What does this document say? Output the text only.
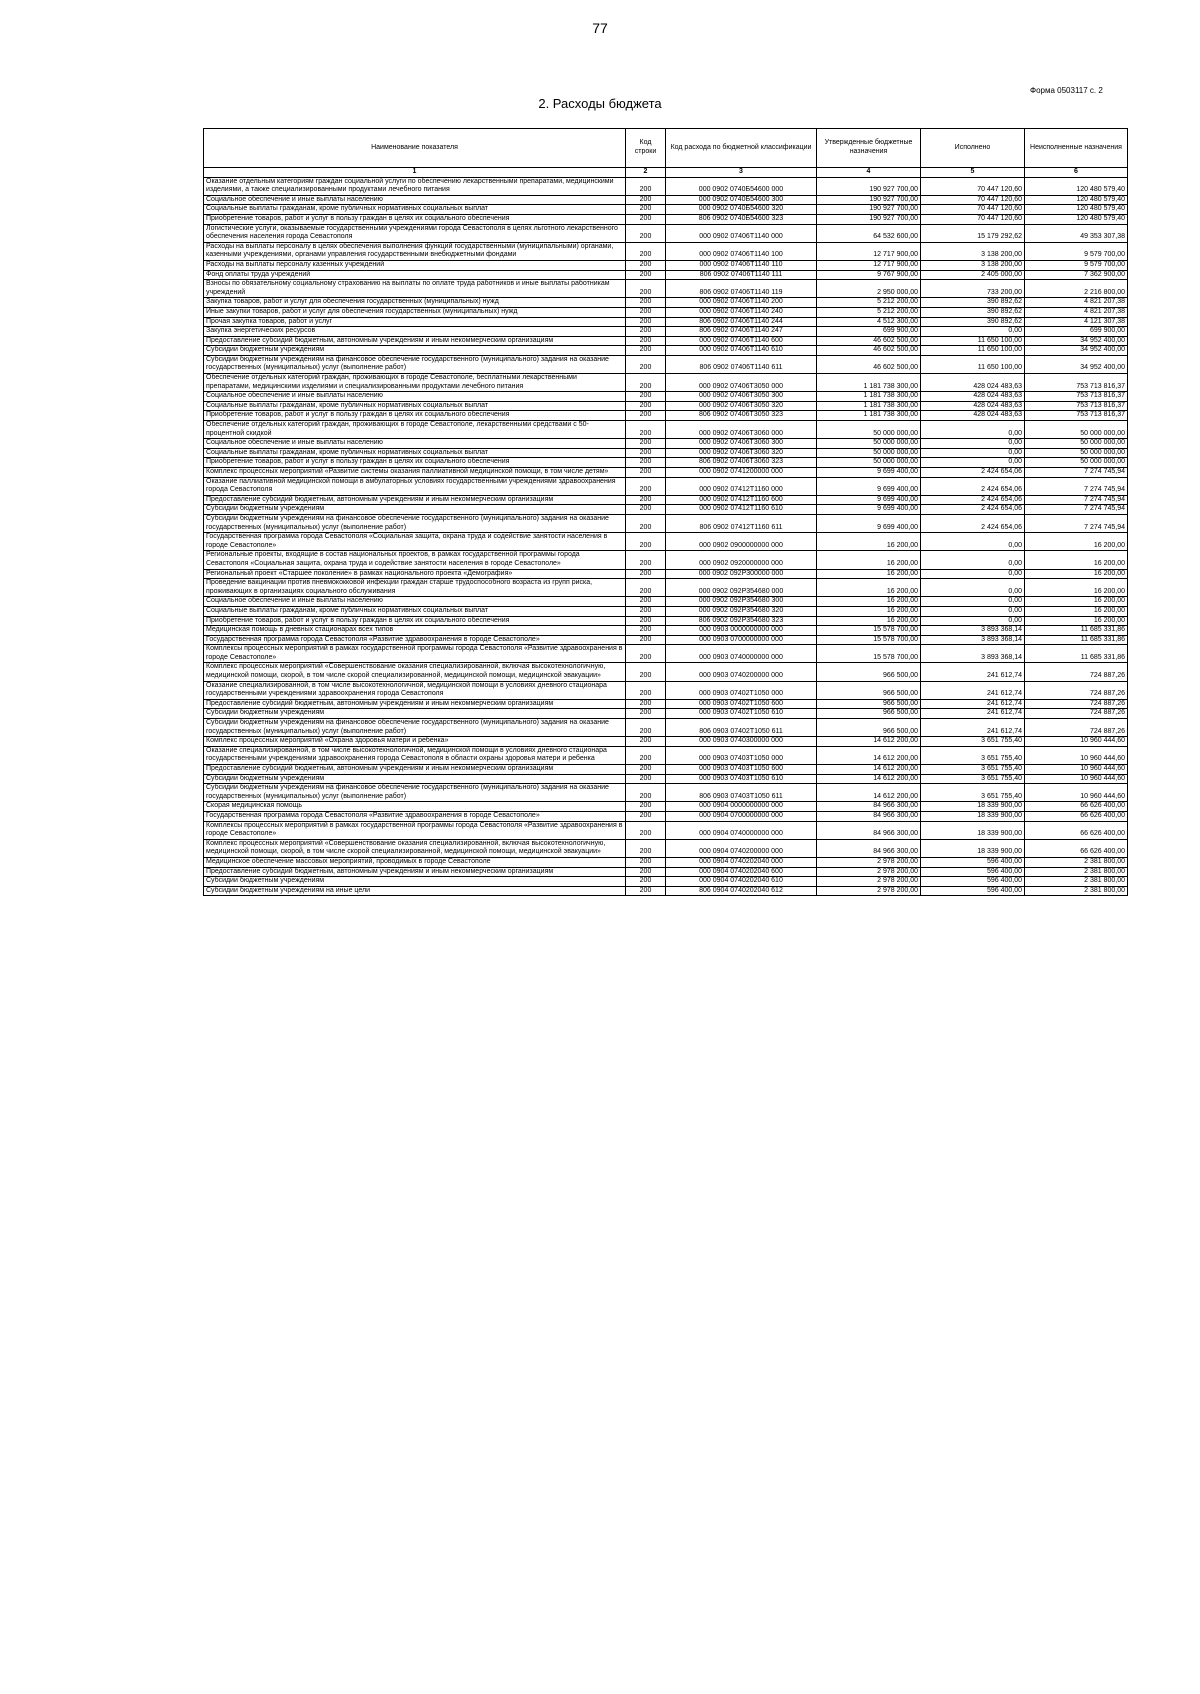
77
Форма 0503117 с. 2
2. Расходы бюджета
Наименование показателя	Код строки	Код расхода по бюджетной классификации	Утвержденные бюджетные назначения	Исполнено	Неисполненные назначения
1	2	3	4	5	6
Оказание отдельным категориям граждан социальной услуги по обеспечению лекарственными препаратами, медицинскими изделиями, а также специализированными продуктами лечебного питания	200	000 0902 0740Б54600 000	190 927 700,00	70 447 120,60	120 480 579,40
Социальное обеспечение и иные выплаты населению	200	000 0902 0740Б54600 300	190 927 700,00	70 447 120,60	120 480 579,40
Социальные выплаты гражданам, кроме публичных нормативных социальных выплат	200	000 0902 0740Б54600 320	190 927 700,00	70 447 120,60	120 480 579,40
Приобретение товаров, работ и услуг в пользу граждан в целях их социального обеспечения	200	806 0902 0740Б54600 323	190 927 700,00	70 447 120,60	120 480 579,40
Логистические услуги, оказываемые государственными учреждениями города Севастополя в целях льготного лекарственного обеспечения населения города Севастополя	200	000 0902 07406Т1140 000	64 532 600,00	15 179 292,62	49 353 307,38
Расходы на выплаты персоналу в целях обеспечения выполнения функций государственными (муниципальными) органами, казенными учреждениями, органами управления государственными внебюджетными фондами	200	000 0902 07406Т1140 100	12 717 900,00	3 138 200,00	9 579 700,00
Расходы на выплаты персоналу казенных учреждений	200	000 0902 07406Т1140 110	12 717 900,00	3 138 200,00	9 579 700,00
Фонд оплаты труда учреждений	200	806 0902 07406Т1140 111	9 767 900,00	2 405 000,00	7 362 900,00
Взносы по обязательному социальному страхованию на выплаты по оплате труда работников и иные выплаты работникам учреждений	200	806 0902 07406Т1140 119	2 950 000,00	733 200,00	2 216 800,00
Закупка товаров, работ и услуг для обеспечения государственных (муниципальных) нужд	200	000 0902 07406Т1140 200	5 212 200,00	390 892,62	4 821 207,38
Иные закупки товаров, работ и услуг для обеспечения государственных (муниципальных) нужд	200	000 0902 07406Т1140 240	5 212 200,00	390 892,62	4 821 207,38
Прочая закупка товаров, работ и услуг	200	806 0902 07406Т1140 244	4 512 300,00	390 892,62	4 121 307,38
Закупка энергетических ресурсов	200	806 0902 07406Т1140 247	699 900,00	0,00	699 900,00
Предоставление субсидий бюджетным, автономным учреждениям и иным некоммерческим организациям	200	000 0902 07406Т1140 600	46 602 500,00	11 650 100,00	34 952 400,00
Субсидии бюджетным учреждениям	200	000 0902 07406Т1140 610	46 602 500,00	11 650 100,00	34 952 400,00
Субсидии бюджетным учреждениям на финансовое обеспечение государственного (муниципального) задания на оказание государственных (муниципальных) услуг (выполнение работ)	200	806 0902 07406Т1140 611	46 602 500,00	11 650 100,00	34 952 400,00
Обеспечение отдельных категорий граждан, проживающих в городе Севастополе, бесплатными лекарственными препаратами, медицинскими изделиями и специализированными продуктами лечебного питания	200	000 0902 07406Т3050 000	1 181 738 300,00	428 024 483,63	753 713 816,37
Социальное обеспечение и иные выплаты населению	200	000 0902 07406Т3050 300	1 181 738 300,00	428 024 483,63	753 713 816,37
Социальные выплаты гражданам, кроме публичных нормативных социальных выплат	200	000 0902 07406Т3050 320	1 181 738 300,00	428 024 483,63	753 713 816,37
Приобретение товаров, работ и услуг в пользу граждан в целях их социального обеспечения	200	806 0902 07406Т3050 323	1 181 738 300,00	428 024 483,63	753 713 816,37
Обеспечение отдельных категорий граждан, проживающих в городе Севастополе, лекарственными средствами с 50-процентной скидкой	200	000 0902 07406Т3060 000	50 000 000,00	0,00	50 000 000,00
Социальное обеспечение и иные выплаты населению	200	000 0902 07406Т3060 300	50 000 000,00	0,00	50 000 000,00
Социальные выплаты гражданам, кроме публичных нормативных социальных выплат	200	000 0902 07406Т3060 320	50 000 000,00	0,00	50 000 000,00
Приобретение товаров, работ и услуг в пользу граждан в целях их социального обеспечения	200	806 0902 07406Т3060 323	50 000 000,00	0,00	50 000 000,00
Комплекс процессных мероприятий «Развитие системы оказания паллиативной медицинской помощи, в том числе детям»	200	000 0902 0741200000 000	9 699 400,00	2 424 654,06	7 274 745,94
Оказание паллиативной медицинской помощи в амбулаторных условиях государственными учреждениями здравоохранения города Севастополя	200	000 0902 07412Т1160 000	9 699 400,00	2 424 654,06	7 274 745,94
Предоставление субсидий бюджетным, автономным учреждениям и иным некоммерческим организациям	200	000 0902 07412Т1160 600	9 699 400,00	2 424 654,06	7 274 745,94
Субсидии бюджетным учреждениям	200	000 0902 07412Т1160 610	9 699 400,00	2 424 654,06	7 274 745,94
Субсидии бюджетным учреждениям на финансовое обеспечение государственного (муниципального) задания на оказание государственных (муниципальных) услуг (выполнение работ)	200	806 0902 07412Т1160 611	9 699 400,00	2 424 654,06	7 274 745,94
Государственная программа города Севастополя «Социальная защита, охрана труда и содействие занятости населения в городе Севастополе»	200	000 0902 0900000000 000	16 200,00	0,00	16 200,00
Региональные проекты, входящие в состав национальных проектов, в рамках государственной программы города Севастополя «Социальная защита, охрана труда и содействие занятости населения в городе Севастополе»	200	000 0902 0920000000 000	16 200,00	0,00	16 200,00
Региональный проект «Старшее поколение» в рамках национального проекта «Демография»	200	000 0902 092Р300000 000	16 200,00	0,00	16 200,00
Проведение вакцинации против пневмококковой инфекции граждан старше трудоспособного возраста из групп риска, проживающих в организациях социального обслуживания	200	000 0902 092Р354680 000	16 200,00	0,00	16 200,00
Социальное обеспечение и иные выплаты населению	200	000 0902 092Р354680 300	16 200,00	0,00	16 200,00
Социальные выплаты гражданам, кроме публичных нормативных социальных выплат	200	000 0902 092Р354680 320	16 200,00	0,00	16 200,00
Приобретение товаров, работ и услуг в пользу граждан в целях их социального обеспечения	200	806 0902 092Р354680 323	16 200,00	0,00	16 200,00
Медицинская помощь в дневных стационарах всех типов	200	000 0903 0000000000 000	15 578 700,00	3 893 368,14	11 685 331,86
Государственная программа города Севастополя «Развитие здравоохранения в городе Севастополе»	200	000 0903 0700000000 000	15 578 700,00	3 893 368,14	11 685 331,86
Комплексы процессных мероприятий в рамках государственной программы города Севастополя «Развитие здравоохранения в городе Севастополе»	200	000 0903 0740000000 000	15 578 700,00	3 893 368,14	11 685 331,86
Комплекс процессных мероприятий «Совершенствование оказания специализированной, включая высокотехнологичную, медицинской помощи, скорой, в том числе скорой специализированной, медицинской помощи, медицинской эвакуации»	200	000 0903 0740200000 000	966 500,00	241 612,74	724 887,26
Оказание специализированной, в том числе высокотехнологичной, медицинской помощи в условиях дневного стационара государственными учреждениями здравоохранения города Севастополя	200	000 0903 07402Т1050 000	966 500,00	241 612,74	724 887,26
Предоставление субсидий бюджетным, автономным учреждениям и иным некоммерческим организациям	200	000 0903 07402Т1050 600	966 500,00	241 612,74	724 887,26
Субсидии бюджетным учреждениям	200	000 0903 07402Т1050 610	966 500,00	241 612,74	724 887,26
Субсидии бюджетным учреждениям на финансовое обеспечение государственного (муниципального) задания на оказание государственных (муниципальных) услуг (выполнение работ)	200	806 0903 07402Т1050 611	966 500,00	241 612,74	724 887,26
Комплекс процессных мероприятий «Охрана здоровья матери и ребенка»	200	000 0903 0740300000 000	14 612 200,00	3 651 755,40	10 960 444,60
Оказание специализированной, в том числе высокотехнологичной, медицинской помощи в условиях дневного стационара государственными учреждениями здравоохранения города Севастополя в области охраны здоровья матери и ребенка	200	000 0903 07403Т1050 000	14 612 200,00	3 651 755,40	10 960 444,60
Предоставление субсидий бюджетным, автономным учреждениям и иным некоммерческим организациям	200	000 0903 07403Т1050 600	14 612 200,00	3 651 755,40	10 960 444,60
Субсидии бюджетным учреждениям	200	000 0903 07403Т1050 610	14 612 200,00	3 651 755,40	10 960 444,60
Субсидии бюджетным учреждениям на финансовое обеспечение государственного (муниципального) задания на оказание государственных (муниципальных) услуг (выполнение работ)	200	806 0903 07403Т1050 611	14 612 200,00	3 651 755,40	10 960 444,60
Скорая медицинская помощь	200	000 0904 0000000000 000	84 966 300,00	18 339 900,00	66 626 400,00
Государственная программа города Севастополя «Развитие здравоохранения в городе Севастополе»	200	000 0904 0700000000 000	84 966 300,00	18 339 900,00	66 626 400,00
Комплексы процессных мероприятий в рамках государственной программы города Севастополя «Развитие здравоохранения в городе Севастополе»	200	000 0904 0740000000 000	84 966 300,00	18 339 900,00	66 626 400,00
Комплекс процессных мероприятий «Совершенствование оказания специализированной, включая высокотехнологичную, медицинской помощи, скорой, в том числе скорой специализированной, медицинской помощи, медицинской эвакуации»	200	000 0904 0740200000 000	84 966 300,00	18 339 900,00	66 626 400,00
Медицинское обеспечение массовых мероприятий, проводимых в городе Севастополе	200	000 0904 0740202040 000	2 978 200,00	596 400,00	2 381 800,00
Предоставление субсидий бюджетным, автономным учреждениям и иным некоммерческим организациям	200	000 0904 0740202040 600	2 978 200,00	596 400,00	2 381 800,00
Субсидии бюджетным учреждениям	200	000 0904 0740202040 610	2 978 200,00	596 400,00	2 381 800,00
Субсидии бюджетным учреждениям на иные цели	200	806 0904 0740202040 612	2 978 200,00	596 400,00	2 381 800,00
